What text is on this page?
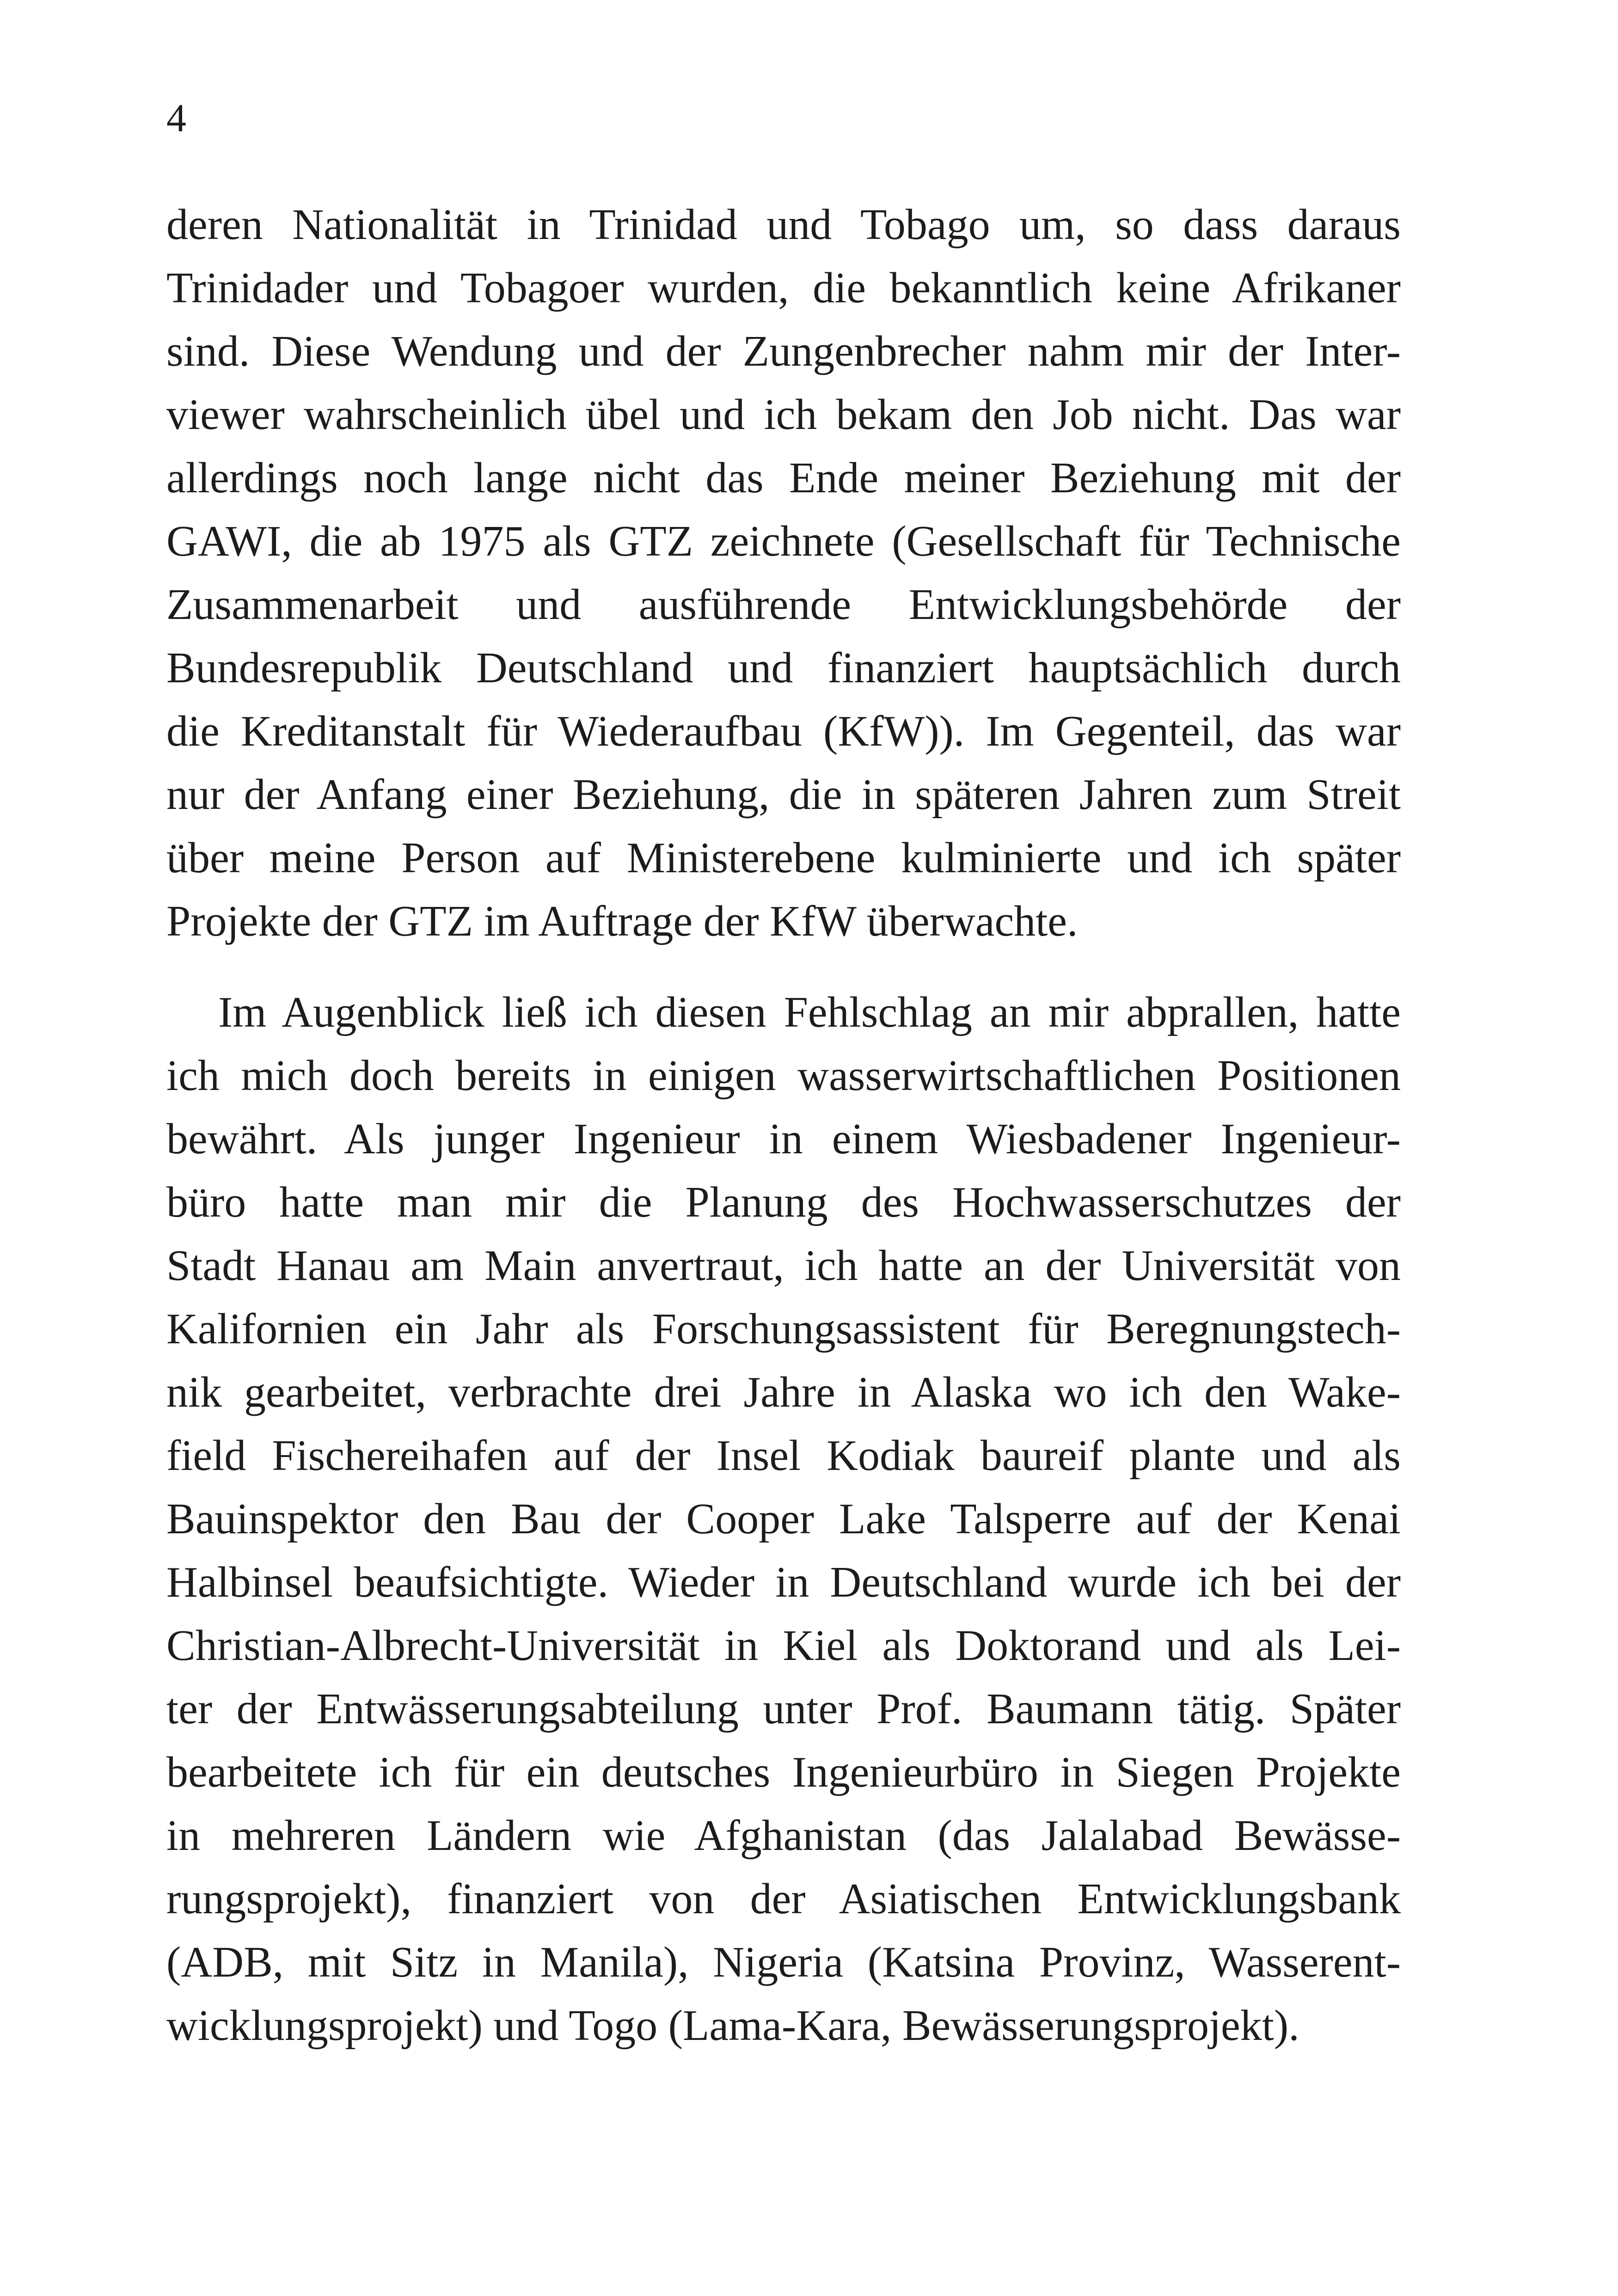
4
deren Nationalität in Trinidad und Tobago um, so dass daraus
Trinidader und Tobagoer wurden, die bekanntlich keine Afrikaner
sind. Diese Wendung und der Zungenbrecher nahm mir der Inter-
viewer wahrscheinlich übel und ich bekam den Job nicht. Das war
allerdings noch lange nicht das Ende meiner Beziehung mit der
GAWI, die ab 1975 als GTZ zeichnete (Gesellschaft für Technische
Zusammenarbeit und ausführende Entwicklungsbehörde der
Bundesrepublik Deutschland und finanziert hauptsächlich durch
die Kreditanstalt für Wiederaufbau (KfW)). Im Gegenteil, das war
nur der Anfang einer Beziehung, die in späteren Jahren zum Streit
über meine Person auf Ministerebene kulminierte und ich später
Projekte der GTZ im Auftrage der KfW überwachte.
Im Augenblick ließ ich diesen Fehlschlag an mir abprallen, hatte
ich mich doch bereits in einigen wasserwirtschaftlichen Positionen
bewährt. Als junger Ingenieur in einem Wiesbadener Ingenieur-
büro hatte man mir die Planung des Hochwasserschutzes der
Stadt Hanau am Main anvertraut, ich hatte an der Universität von
Kalifornien ein Jahr als Forschungsassistent für Beregnungstech-
nik gearbeitet, verbrachte drei Jahre in Alaska wo ich den Wake-
field Fischereihafen auf der Insel Kodiak baureif plante und als
Bauinspektor den Bau der Cooper Lake Talsperre auf der Kenai
Halbinsel beaufsichtigte. Wieder in Deutschland wurde ich bei der
Christian-Albrecht-Universität in Kiel als Doktorand und als Lei-
ter der Entwässerungsabteilung unter Prof. Baumann tätig. Später
bearbeitete ich für ein deutsches Ingenieurbüro in Siegen Projekte
in mehreren Ländern wie Afghanistan (das Jalalabad Bewässe-
rungsprojekt), finanziert von der Asiatischen Entwicklungsbank
(ADB, mit Sitz in Manila), Nigeria (Katsina Provinz, Wasserent-
wicklungsprojekt) und Togo (Lama-Kara, Bewässerungsprojekt).
